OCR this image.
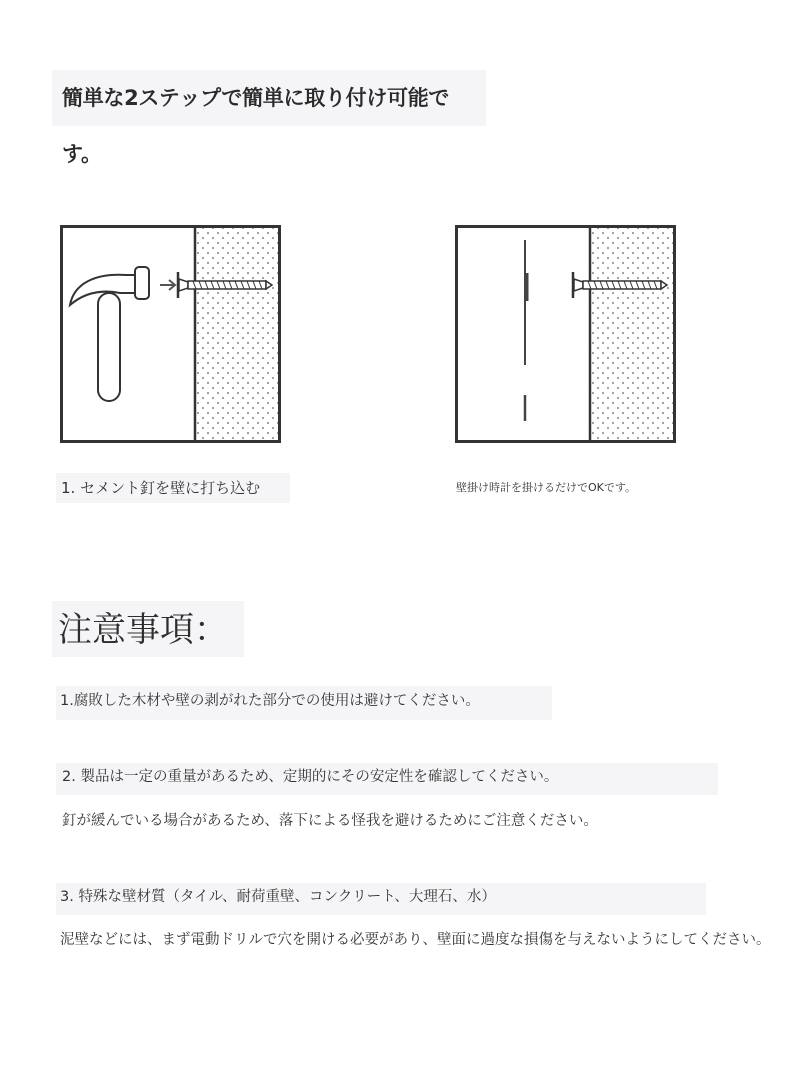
簡単な2ステップで簡単に取り付け可能です。
1. セメント釘を壁に打ち込む	壁掛け時計を掛けるだけでOKです。
注意事項：
1.腐敗した木材や壁の剥がれた部分での使用は避けてください。
2. 製品は一定の重量があるため、定期的にその安定性を確認してください。
釘が緩んでいる場合があるため、落下による怪我を避けるためにご注意ください。
3. 特殊な壁材質（タイル、耐荷重壁、コンクリート、大理石、水）
泥壁などには、まず電動ドリルで穴を開ける必要があり、壁面に過度な損傷を与えないようにしてください。
